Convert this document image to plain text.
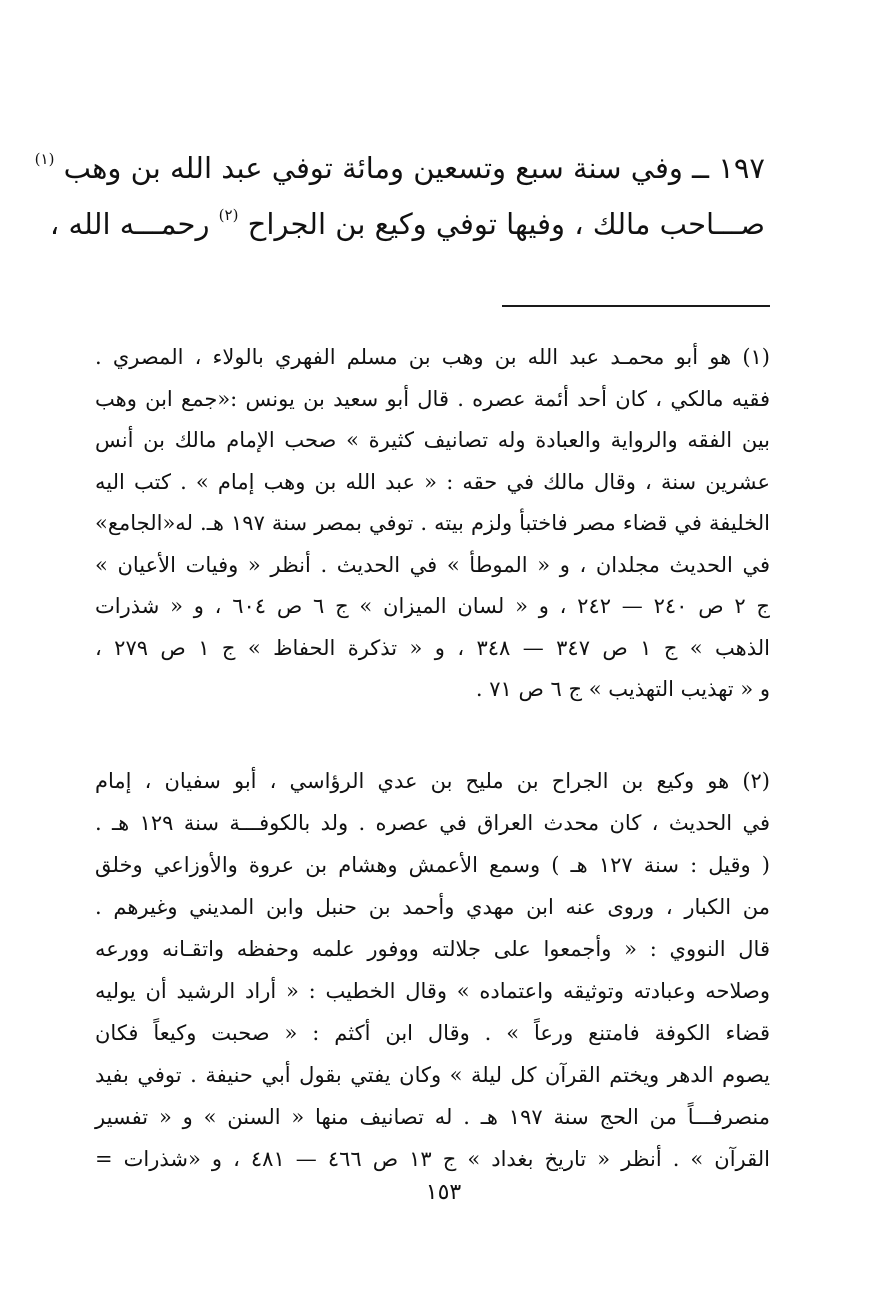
١٩٧ ــ وفي سنة سبع وتسعين ومائة توفي عبد الله بن وهب $^{(١)}$
صـــاحب مالك ، وفيها توفي وكيع بن الجراح $^{(٢)}$ رحمـــه الله ،
(١) هو أبو محمـد عبد الله بن وهب بن مسلم الفهري بالولاء ، المصري .
فقيه مالكي ، كان أحد أئمة عصره . قال أبو سعيد بن يونس :«جمع ابن وهب
بين الفقه والرواية والعبادة وله تصانيف كثيرة » صحب الإمام مالك بن أنس
عشرين سنة ، وقال مالك في حقه : « عبد الله بن وهب إمام » . كتب اليه
الخليفة في قضاء مصر فاختبأ ولزم بيته . توفي بمصر سنة ١٩٧ هـ. له«الجامع»
في الحديث مجلدان ، و « الموطأ » في الحديث . أنظر « وفيات الأعيان »
ج ٢ ص ٢٤٠ — ٢٤٢ ، و « لسان الميزان » ج ٦ ص ٦٠٤ ، و « شذرات
الذهب » ج ١ ص ٣٤٧ — ٣٤٨ ، و « تذكرة الحفاظ » ج ١ ص ٢٧٩ ،
و « تهذيب التهذيب » ج ٦ ص ٧١ .
(٢) هو وكيع بن الجراح بن مليح بن عدي الرؤاسي ، أبو سفيان ، إمام
في الحديث ، كان محدث العراق في عصره . ولد بالكوفـــة سنة ١٢٩ هـ .
( وقيل : سنة ١٢٧ هـ ) وسمع الأعمش وهشام بن عروة والأوزاعي وخلق
من الكبار ، وروى عنه ابن مهدي وأحمد بن حنبل وابن المديني وغيرهم .
قال النووي : « وأجمعوا على جلالته ووفور علمه وحفظه واتقـانه وورعه
وصلاحه وعبادته وتوثيقه واعتماده » وقال الخطيب : « أراد الرشيد أن يوليه
قضاء الكوفة فامتنع ورعاً » . وقال ابن أكثم : « صحبت وكيعاً فكان
يصوم الدهر ويختم القرآن كل ليلة » وكان يفتي بقول أبي حنيفة . توفي بفيد
منصرفـــاً من الحج سنة ١٩٧ هـ . له تصانيف منها « السنن » و « تفسير
القرآن » . أنظر « تاريخ بغداد » ج ١٣ ص ٤٦٦ — ٤٨١ ، و «شذرات =
١٥٣
